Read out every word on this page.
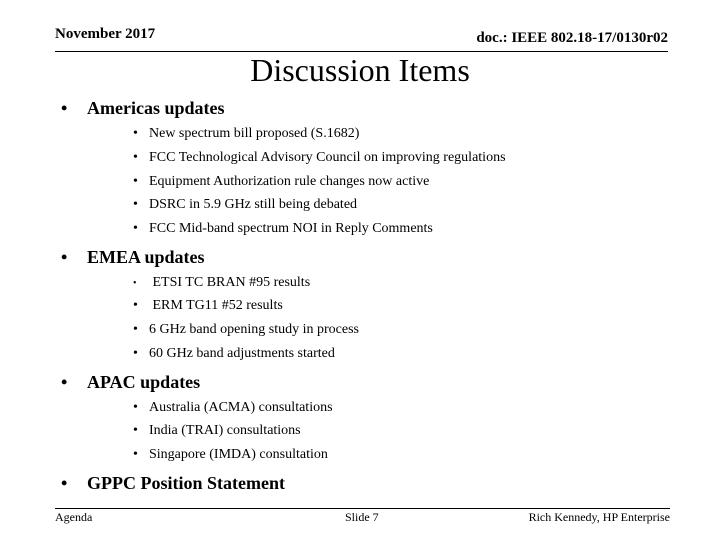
November 2017	doc.: IEEE 802.18-17/0130r02
Discussion Items
• Americas updates
• New spectrum bill proposed (S.1682)
• FCC Technological Advisory Council on improving regulations
• Equipment Authorization rule changes now active
• DSRC in 5.9 GHz still being debated
• FCC Mid-band spectrum NOI in Reply Comments
• EMEA updates
• ETSI TC BRAN #95 results
• ERM TG11 #52 results
• 6 GHz band opening study in process
• 60 GHz band adjustments started
• APAC updates
• Australia (ACMA) consultations
• India (TRAI) consultations
• Singapore (IMDA) consultation
• GPPC Position Statement
Agenda	Slide 7	Rich Kennedy, HP Enterprise
